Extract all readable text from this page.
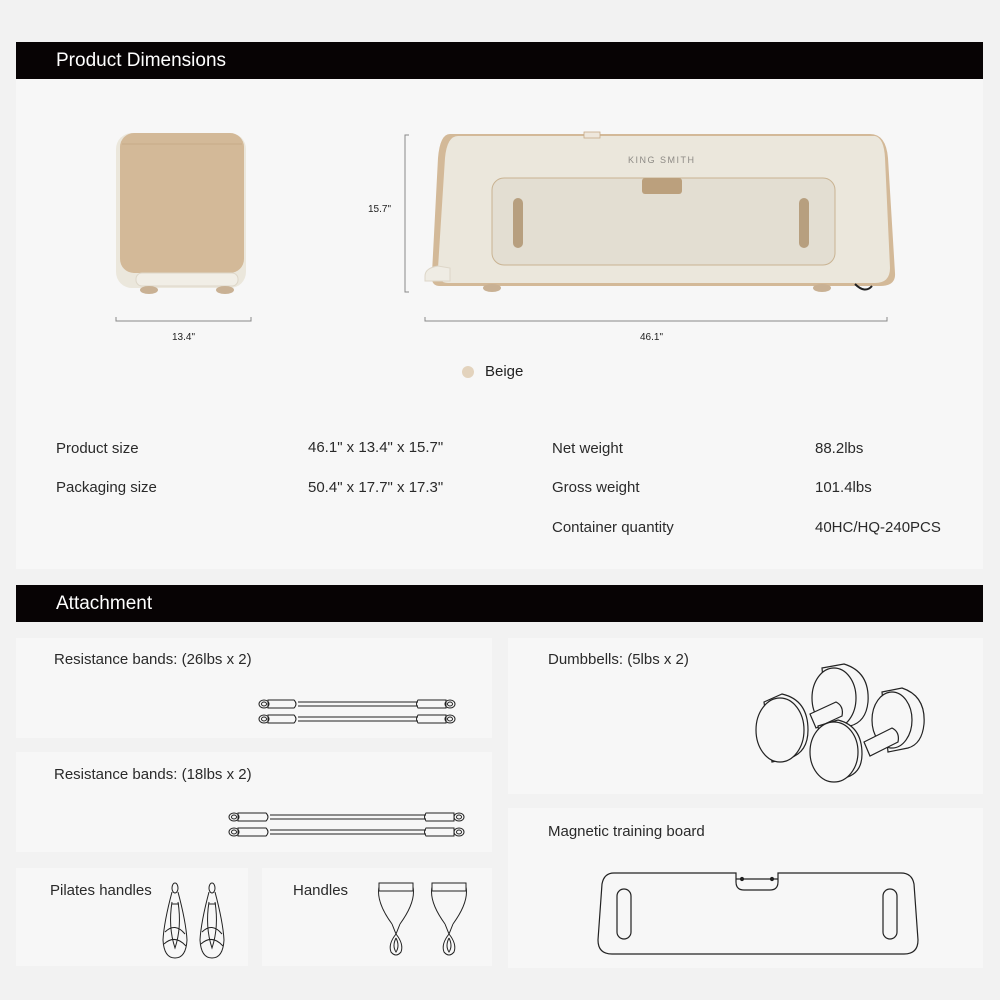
Product Dimensions
13.4"
15.7"
KING SMITH
46.1"
Beige
Product size	46.1" x 13.4" x 15.7"
Packaging size	50.4" x 17.7" x 17.3"
Net weight	88.2lbs
Gross weight	101.4lbs
Container quantity	40HC/HQ-240PCS
Attachment
Resistance bands: (26lbs x 2)
Resistance bands: (18lbs x 2)
Pilates handles	Handles
Dumbbells: (5lbs x 2)
Magnetic training board
